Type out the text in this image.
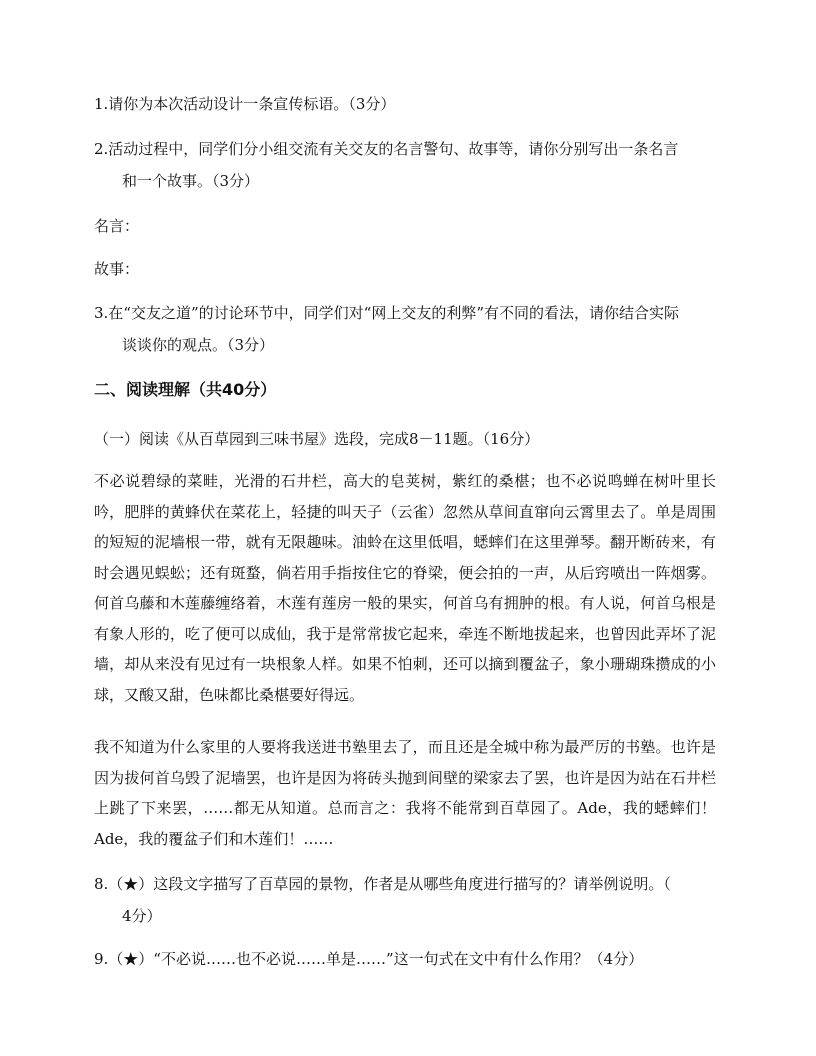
1.请你为本次活动设计一条宣传标语。（3分）
2.活动过程中，同学们分小组交流有关交友的名言警句、故事等，请你分别写出一条名言
和一个故事。（3分）
名言：
故事：
3.在“交友之道”的讨论环节中，同学们对“网上交友的利弊”有不同的看法，请你结合实际
谈谈你的观点。（3分）
二、阅读理解（共40分）
（一）阅读《从百草园到三味书屋》选段，完成8－11题。（16分）
不必说碧绿的菜畦，光滑的石井栏，高大的皂荚树，紫红的桑椹；也不必说鸣蝉在树叶里长吟，肥胖的黄蜂伏在菜花上，轻捷的叫天子（云雀）忽然从草间直窜向云霄里去了。单是周围的短短的泥墙根一带，就有无限趣味。油蛉在这里低唱，蟋蟀们在这里弹琴。翻开断砖来，有时会遇见蜈蚣；还有斑蝥，倘若用手指按住它的脊梁，便会拍的一声，从后窍喷出一阵烟雾。何首乌藤和木莲藤缠络着，木莲有莲房一般的果实，何首乌有拥肿的根。有人说，何首乌根是有象人形的，吃了便可以成仙，我于是常常拔它起来，牵连不断地拔起来，也曾因此弄坏了泥墙，却从来没有见过有一块根象人样。如果不怕刺，还可以摘到覆盆子，象小珊瑚珠攒成的小球，又酸又甜，色味都比桑椹要好得远。
我不知道为什么家里的人要将我送进书塾里去了，而且还是全城中称为最严厉的书塾。也许是因为拔何首乌毁了泥墙罢，也许是因为将砖头抛到间壁的梁家去了罢，也许是因为站在石井栏上跳了下来罢，……都无从知道。总而言之：我将不能常到百草园了。Ade，我的蟋蟀们！Ade，我的覆盆子们和木莲们！……
8.（★）这段文字描写了百草园的景物，作者是从哪些角度进行描写的？请举例说明。（
4分）
9.（★）“不必说……也不必说……单是……”这一句式在文中有什么作用？（4分）
